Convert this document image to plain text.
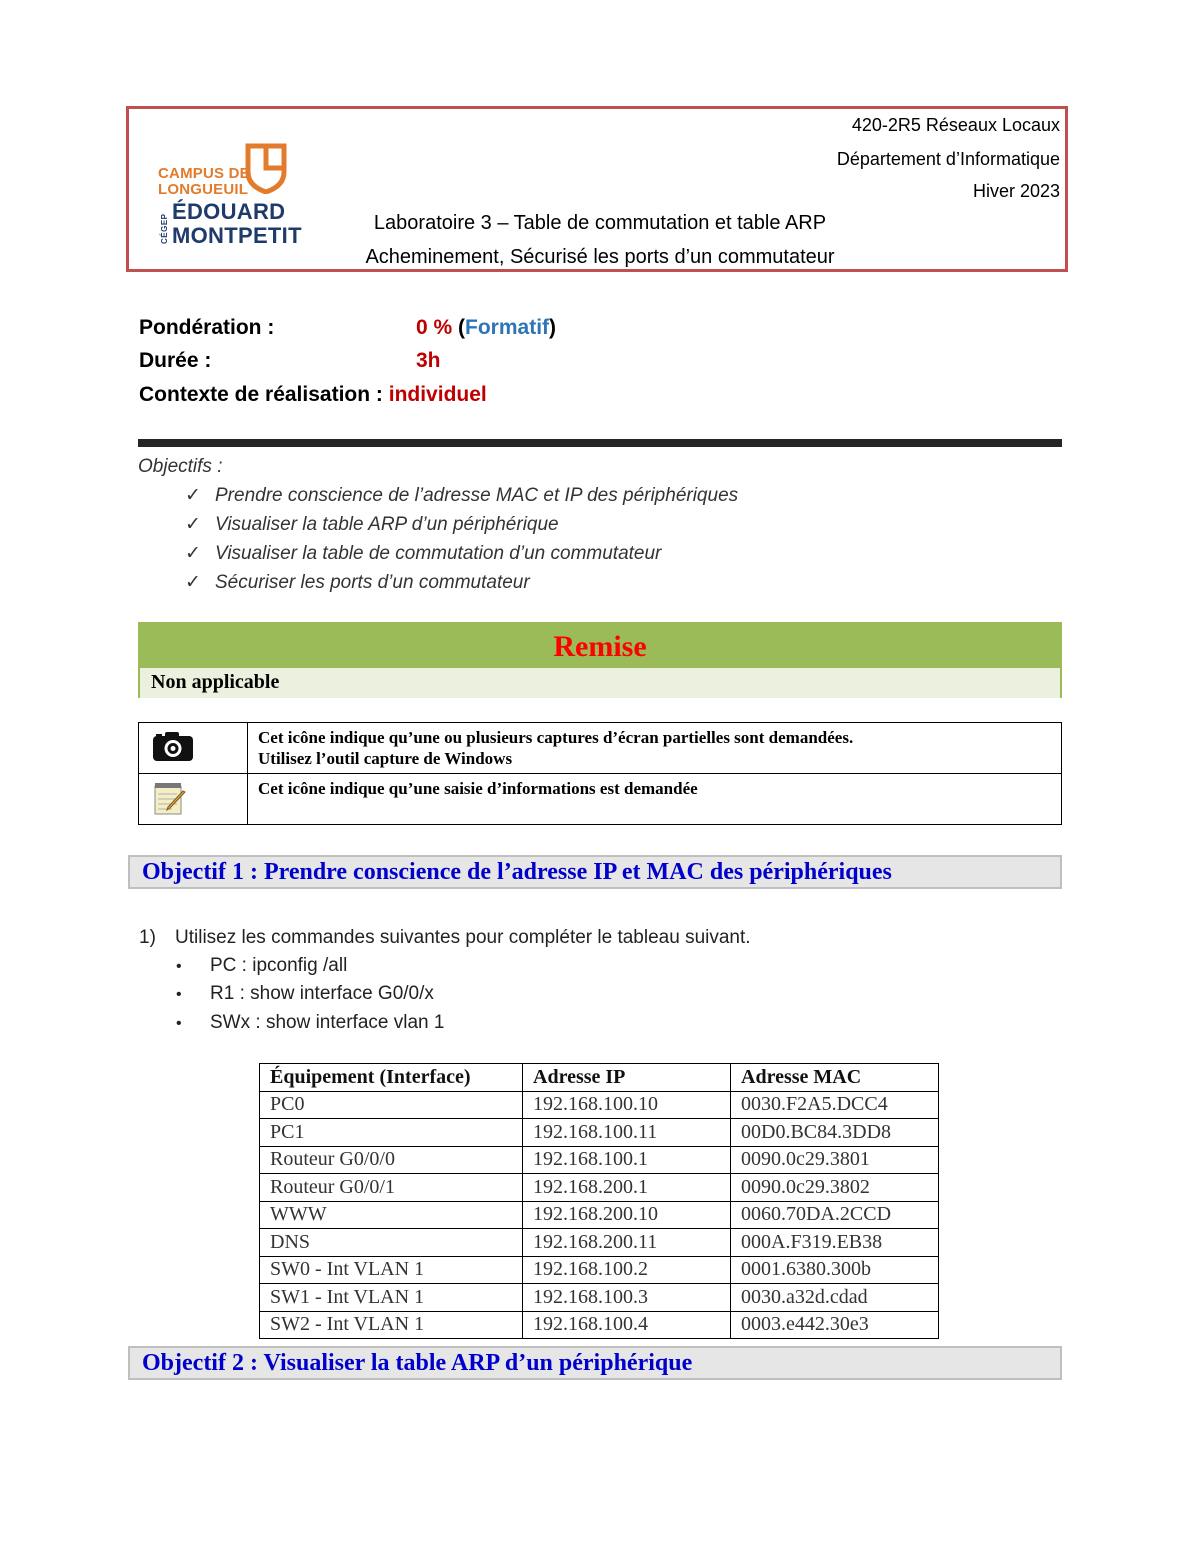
CAMPUS DE
LONGUEUIL
CÉGEP
ÉDOUARD
MONTPETIT
420-2R5 Réseaux Locaux
Département d’Informatique
Hiver 2023
Laboratoire 3 – Table de commutation et table ARP
Acheminement, Sécurisé les ports d’un commutateur
Pondération :	0 % (Formatif)
Durée :	3h
Contexte de réalisation : individuel
Objectifs :
✓ Prendre conscience de l’adresse MAC et IP des périphériques
✓ Visualiser la table ARP d’un périphérique
✓ Visualiser la table de commutation d’un commutateur
✓ Sécuriser les ports d’un commutateur
Remise
Non applicable

Cet icône indique qu’une ou plusieurs captures d’écran partielles sont demandées.
Utilisez l’outil capture de Windows

Cet icône indique qu’une saisie d’informations est demandée
Objectif 1 : Prendre conscience de l’adresse IP et MAC des périphériques
1) Utilisez les commandes suivantes pour compléter le tableau suivant.
• PC : ipconfig /all
• R1 : show interface G0/0/x
• SWx : show interface vlan 1
Équipement (Interface)	Adresse IP	Adresse MAC
PC0	192.168.100.10	0030.F2A5.DCC4
PC1	192.168.100.11	00D0.BC84.3DD8
Routeur G0/0/0	192.168.100.1	0090.0c29.3801
Routeur G0/0/1	192.168.200.1	0090.0c29.3802
WWW	192.168.200.10	0060.70DA.2CCD
DNS	192.168.200.11	000A.F319.EB38
SW0 - Int VLAN 1	192.168.100.2	0001.6380.300b
SW1 - Int VLAN 1	192.168.100.3	0030.a32d.cdad
SW2 - Int VLAN 1	192.168.100.4	0003.e442.30e3
Objectif 2 : Visualiser la table ARP d’un périphérique
